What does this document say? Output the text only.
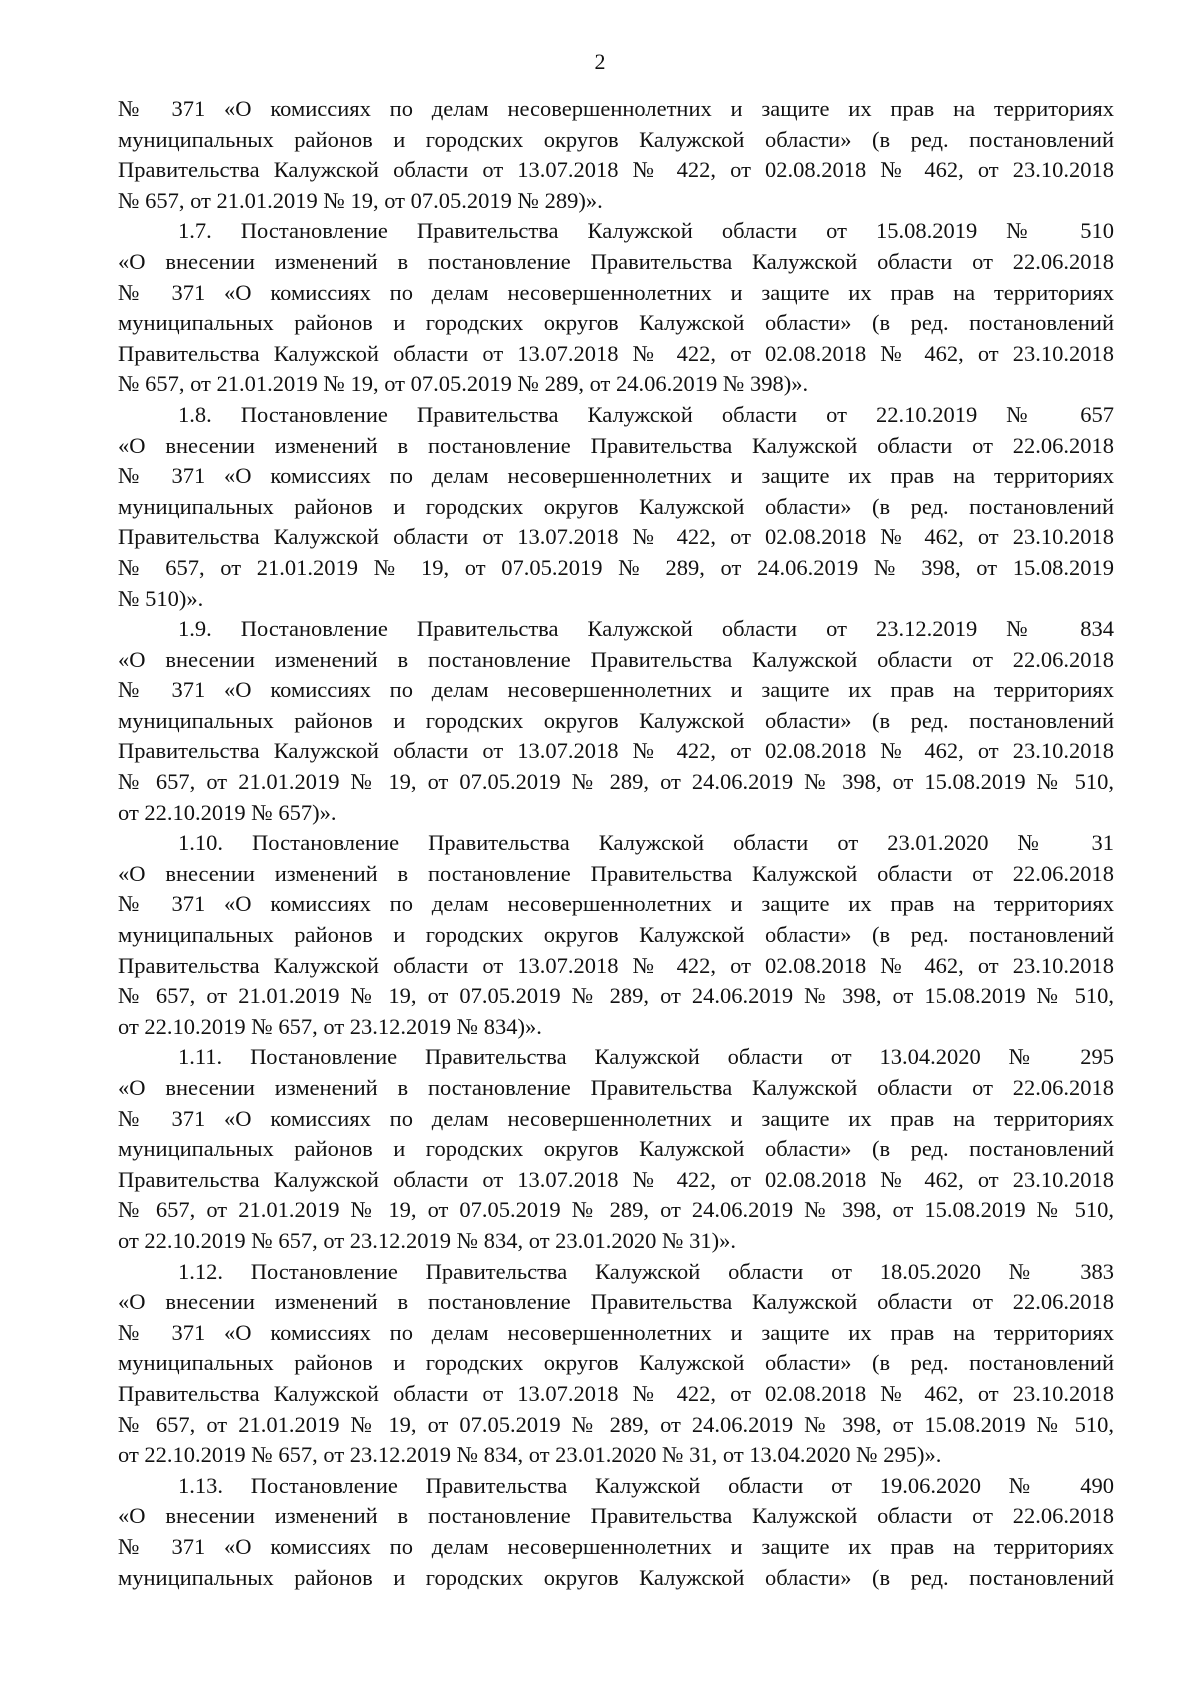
2
№ 371 «О комиссиях по делам несовершеннолетних и защите их прав на территориях
муниципальных районов и городских округов Калужской области» (в ред. постановлений
Правительства Калужской области от 13.07.2018 № 422, от 02.08.2018 № 462, от 23.10.2018
№ 657, от 21.01.2019 № 19, от 07.05.2019 № 289)».
1.7. Постановление Правительства Калужской области от 15.08.2019 № 510
«О внесении изменений в постановление Правительства Калужской области от 22.06.2018
№ 371 «О комиссиях по делам несовершеннолетних и защите их прав на территориях
муниципальных районов и городских округов Калужской области» (в ред. постановлений
Правительства Калужской области от 13.07.2018 № 422, от 02.08.2018 № 462, от 23.10.2018
№ 657, от 21.01.2019 № 19, от 07.05.2019 № 289, от 24.06.2019 № 398)».
1.8. Постановление Правительства Калужской области от 22.10.2019 № 657
«О внесении изменений в постановление Правительства Калужской области от 22.06.2018
№ 371 «О комиссиях по делам несовершеннолетних и защите их прав на территориях
муниципальных районов и городских округов Калужской области» (в ред. постановлений
Правительства Калужской области от 13.07.2018 № 422, от 02.08.2018 № 462, от 23.10.2018
№ 657, от 21.01.2019 № 19, от 07.05.2019 № 289, от 24.06.2019 № 398, от 15.08.2019
№ 510)».
1.9. Постановление Правительства Калужской области от 23.12.2019 № 834
«О внесении изменений в постановление Правительства Калужской области от 22.06.2018
№ 371 «О комиссиях по делам несовершеннолетних и защите их прав на территориях
муниципальных районов и городских округов Калужской области» (в ред. постановлений
Правительства Калужской области от 13.07.2018 № 422, от 02.08.2018 № 462, от 23.10.2018
№ 657, от 21.01.2019 № 19, от 07.05.2019 № 289, от 24.06.2019 № 398, от 15.08.2019 № 510,
от 22.10.2019 № 657)».
1.10. Постановление Правительства Калужской области от 23.01.2020 № 31
«О внесении изменений в постановление Правительства Калужской области от 22.06.2018
№ 371 «О комиссиях по делам несовершеннолетних и защите их прав на территориях
муниципальных районов и городских округов Калужской области» (в ред. постановлений
Правительства Калужской области от 13.07.2018 № 422, от 02.08.2018 № 462, от 23.10.2018
№ 657, от 21.01.2019 № 19, от 07.05.2019 № 289, от 24.06.2019 № 398, от 15.08.2019 № 510,
от 22.10.2019 № 657, от 23.12.2019 № 834)».
1.11. Постановление Правительства Калужской области от 13.04.2020 № 295
«О внесении изменений в постановление Правительства Калужской области от 22.06.2018
№ 371 «О комиссиях по делам несовершеннолетних и защите их прав на территориях
муниципальных районов и городских округов Калужской области» (в ред. постановлений
Правительства Калужской области от 13.07.2018 № 422, от 02.08.2018 № 462, от 23.10.2018
№ 657, от 21.01.2019 № 19, от 07.05.2019 № 289, от 24.06.2019 № 398, от 15.08.2019 № 510,
от 22.10.2019 № 657, от 23.12.2019 № 834, от 23.01.2020 № 31)».
1.12. Постановление Правительства Калужской области от 18.05.2020 № 383
«О внесении изменений в постановление Правительства Калужской области от 22.06.2018
№ 371 «О комиссиях по делам несовершеннолетних и защите их прав на территориях
муниципальных районов и городских округов Калужской области» (в ред. постановлений
Правительства Калужской области от 13.07.2018 № 422, от 02.08.2018 № 462, от 23.10.2018
№ 657, от 21.01.2019 № 19, от 07.05.2019 № 289, от 24.06.2019 № 398, от 15.08.2019 № 510,
от 22.10.2019 № 657, от 23.12.2019 № 834, от 23.01.2020 № 31, от 13.04.2020 № 295)».
1.13. Постановление Правительства Калужской области от 19.06.2020 № 490
«О внесении изменений в постановление Правительства Калужской области от 22.06.2018
№ 371 «О комиссиях по делам несовершеннолетних и защите их прав на территориях
муниципальных районов и городских округов Калужской области» (в ред. постановлений
